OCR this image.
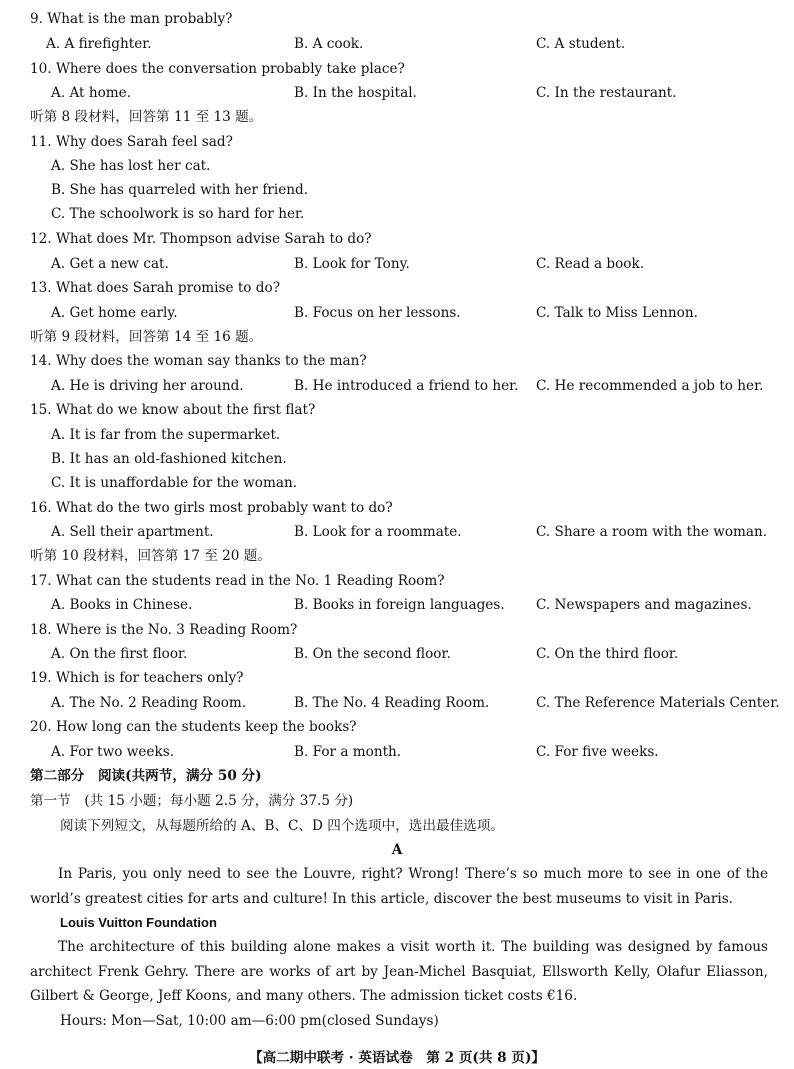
9. What is the man probably?
A. A firefighter.	B. A cook.	C. A student.
10. Where does the conversation probably take place?
A. At home.	B. In the hospital.	C. In the restaurant.
听第 8 段材料，回答第 11 至 13 题。
11. Why does Sarah feel sad?
A. She has lost her cat.
B. She has quarreled with her friend.
C. The schoolwork is so hard for her.
12. What does Mr. Thompson advise Sarah to do?
A. Get a new cat.	B. Look for Tony.	C. Read a book.
13. What does Sarah promise to do?
A. Get home early.	B. Focus on her lessons.	C. Talk to Miss Lennon.
听第 9 段材料，回答第 14 至 16 题。
14. Why does the woman say thanks to the man?
A. He is driving her around.	B. He introduced a friend to her. C. He recommended a job to her.
15. What do we know about the first flat?
A. It is far from the supermarket.
B. It has an old-fashioned kitchen.
C. It is unaffordable for the woman.
16. What do the two girls most probably want to do?
A. Sell their apartment.	B. Look for a roommate.	C. Share a room with the woman.
听第 10 段材料，回答第 17 至 20 题。
17. What can the students read in the No. 1 Reading Room?
A. Books in Chinese.	B. Books in foreign languages. C. Newspapers and magazines.
18. Where is the No. 3 Reading Room?
A. On the first floor.	B. On the second floor.	C. On the third floor.
19. Which is for teachers only?
A. The No. 2 Reading Room.	B. The No. 4 Reading Room.	C. The Reference Materials Center.
20. How long can the students keep the books?
A. For two weeks.	B. For a month.	C. For five weeks.
第二部分　阅读(共两节，满分 50 分)
第一节　(共 15 小题；每小题 2.5 分，满分 37.5 分)
阅读下列短文，从每题所给的 A、B、C、D 四个选项中，选出最佳选项。
A
In Paris, you only need to see the Louvre, right? Wrong! There’s so much more to see in one of the world’s greatest cities for arts and culture! In this article, discover the best museums to visit in Paris.
Louis Vuitton Foundation
The architecture of this building alone makes a visit worth it. The building was designed by famous architect Frenk Gehry. There are works of art by Jean-Michel Basquiat, Ellsworth Kelly, Olafur Eliasson, Gilbert & George, Jeff Koons, and many others. The admission ticket costs €16.
Hours: Mon—Sat, 10:00 am—6:00 pm(closed Sundays)
【高二期中联考 · 英语试卷　第 2 页(共 8 页)】
